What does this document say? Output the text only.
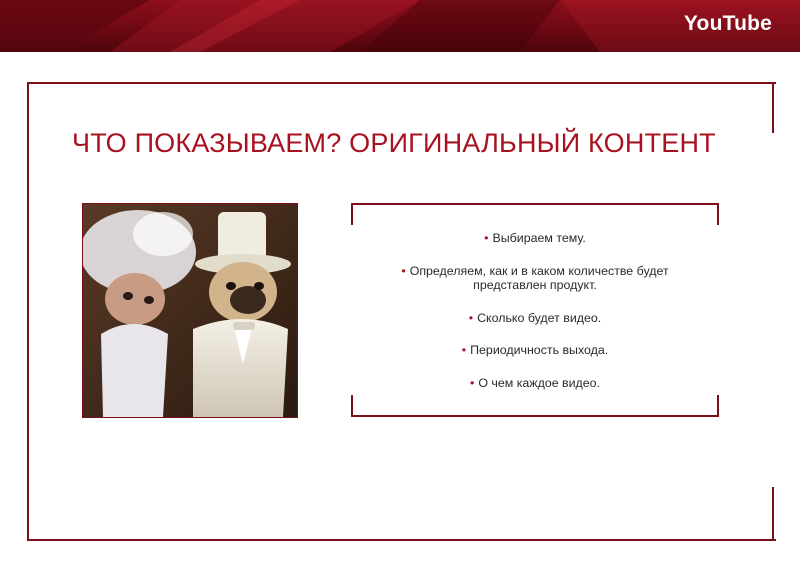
YouTube
ЧТО ПОКАЗЫВАЕМ? ОРИГИНАЛЬНЫЙ КОНТЕНТ
• Выбираем тему.
• Определяем, как и в каком количестве будет представлен продукт.
• Сколько будет видео.
• Периодичность выхода.
• О чем каждое видео.
